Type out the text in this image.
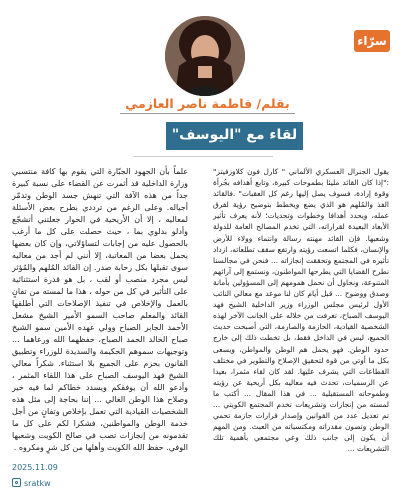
سرّاء
بقلم/ فاطمة ناصر العازمي
لقاء مع "اليوسف"

يقول الجنرال العسكري الألماني " كارل فون كلاوزفيتز" :"إذا كان القائد مليئا بطموحات كبيرة، وتابع أهدافه بجُرأة وقوة إرادة، فسوف يصل إليها رغم كل العقبات" .فالقائد الفذ والمُلهم هو الذي يضع ويخطط بتوضيح رؤية لفرق عمله، ويحدد أهدافا وخطوات وتحديات؛ لأنه يعرف تأثير الأبعاد البعيدة لقراراته، التي تخدم المصالح العامة للدولة وشعبها. فإن القائد مهنته رسالة وانتماء وولاء للأرض والإنسان، فكلما اتسعت رؤيته وارتفع سقف تطلعاته، ازداد تأثيره في المجتمع وتحققت إنجازاته ... فنحن في مجالسنا نطرح القضايا التي يطرحها المواطنون، ونستمع إلى آرائهم المتنوعة، ونحاول أن نحمل همومهم إلى المسؤولين بأمانة وصدق ووضوح ... قبل أيام كان لنا موعد مع معالي النائب الأول لرئيس مجلس الوزراء وزير الداخلية الشيخ فهد اليوسف الصباح، تعرفت من خلاله على الجانب الآخر لهذه الشخصية القيادية، الحازمة والصارمة، التي أصبحت حديث الجميع، ليس في الداخل فقط، بل تخطت ذلك إلى خارج حدود الوطن. فهو يحمل هم الوطن والمواطن، ويسعى بكل ما أوتي من قوة لتحقيق الإصلاح والتطوير في مختلف القطاعات التي يشرف عليها. لقد كان لقاء مثمرا، بعيدا عن الرسميات، تحدث فيه معاليه بكل أريحية عن رؤيته وطموحاته المستقبلية ... في هذا المقال ... أكتب ما لمسته من إنجازات وتشريعات تخدم المجتمع الكويتي ... تم تعديل عدد من القوانين وإصدار قرارات حازمة تحمي الوطن وتصون مقدراته ومكتسباته من العبث. ومن المهم أن يكون إلى جانب ذلك وعي مجتمعي بأهمية تلك التشريعات ...

علماً بأن الجهود الجبّارة التي يقوم بها كافة منتسبي وزارة الداخلية قد أثمرت عن القضاء على نسبة كبيرة جداً من هذه الآفة التي تنهش جسد الوطن وتدمّر أجياله. وعلى الرغم من ترددي بطرح بعض الأسئلة لمعاليه ، إلا أن الأريحية في الحوار جعلتني أتشجّع وأدلو بدلوي بما ، حيث حصلت على كل ما أرغب بالحصول عليه من إجابات لتساؤلاتي، وإن كان بعضها يحمل بعضا من المعاتبة، إلا أنني لم أجد من معاليه سوى تقبلها بكل رحابة صدر. إن القائد المُلهم والمُؤثر ليس مجرد منصب أو لقب ، بل هو قدرة استثنائية على التأثير في كل من حوله ، هذا ما لمسته من تفانٍ بالعمل والإخلاص في تنفيذ الإصلاحات التي أطلقها القائد والمعلم صاحب السمو الأمير الشيخ مشعل الأحمد الجابر الصباح وولي عهده الأمين سمو الشيخ صباح الخالد الحمد الصباح، حفظهما الله ورعاهما ... وتوجيهات سموهم الحكيمة والسديدة للوزراء وتطبيق القانون بحزم على الجميع بلا استثناء. شكراً معالي الشيخ فهد اليوسف الصباح على هذا اللقاء المثمر ، وأدعو الله أن يوفقكم ويسدد خطاكم لما فيه خير وصلاح هذا الوطن الغالي ... إننا بحاجة إلى مثل هذه الشخصيات القيادية التي تعمل بإخلاص وتفانٍ من أجل خدمة الوطن والمواطنين، فشكرا لكم على كل ما تقدمونه من إنجازات تصب في صالح الكويت وشعبها الوفي. حفظ الله الكويت وأهلها من كل شرٍ ومكروه .

2025.11.09
sratkw
